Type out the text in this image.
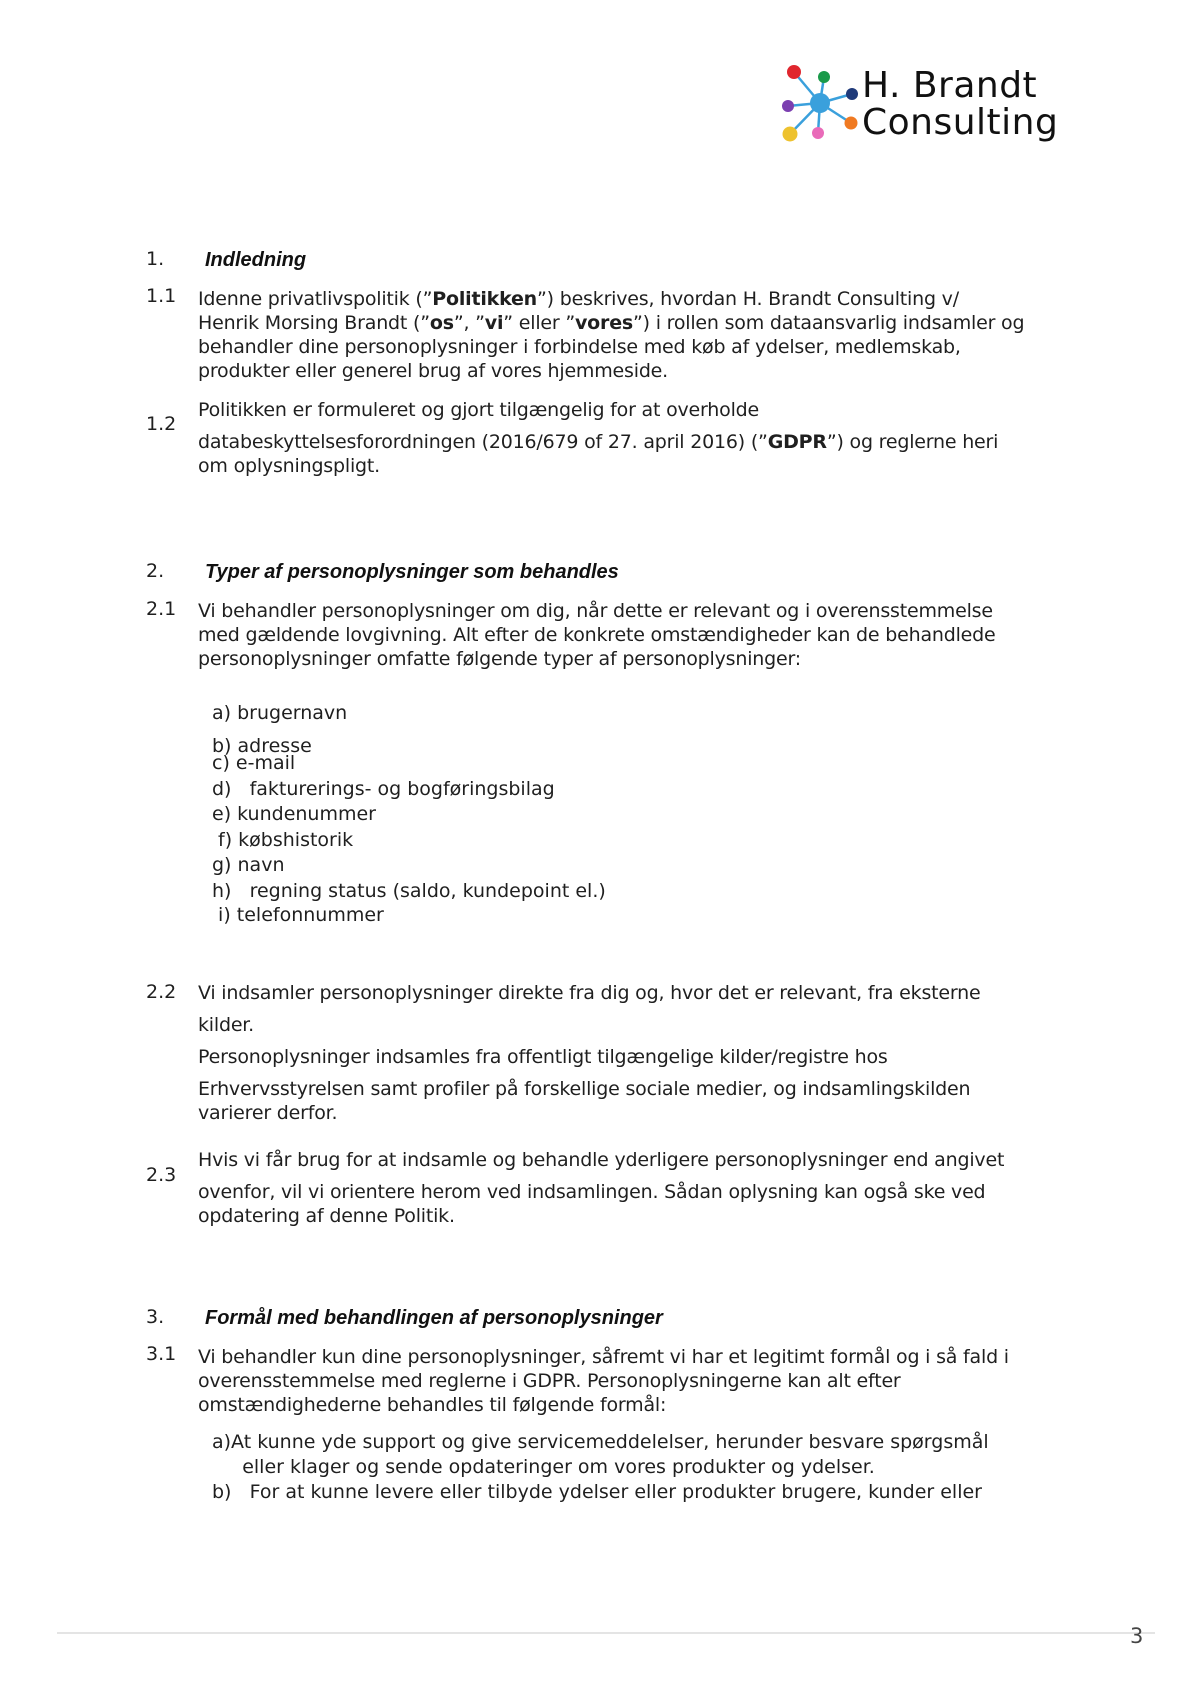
H. Brandt
Consulting
1. Indledning
1.1 Idenne privatlivspolitik (”Politikken”) beskrives, hvordan H. Brandt Consulting v/
Henrik Morsing Brandt (”os”, ”vi” eller ”vores”) i rollen som dataansvarlig indsamler og
behandler dine personoplysninger i forbindelse med køb af ydelser, medlemskab,
produkter eller generel brug af vores hjemmeside.
1.2
Politikken er formuleret og gjort tilgængelig for at overholde
databeskyttelsesforordningen (2016/679 of 27. april 2016) (”GDPR”) og reglerne heri
om oplysningspligt.
2. Typer af personoplysninger som behandles
2.1 Vi behandler personoplysninger om dig, når dette er relevant og i overensstemmelse
med gældende lovgivning. Alt efter de konkrete omstændigheder kan de behandlede
personoplysninger omfatte følgende typer af personoplysninger:
a) brugernavn
b) adresse
c) e-mail
d)   fakturerings- og bogføringsbilag
e) kundenummer
f) købshistorik
g) navn
h)   regning status (saldo, kundepoint el.)
i) telefonnummer
2.2 Vi indsamler personoplysninger direkte fra dig og, hvor det er relevant, fra eksterne
kilder.
Personoplysninger indsamles fra offentligt tilgængelige kilder/registre hos
Erhvervsstyrelsen samt profiler på forskellige sociale medier, og indsamlingskilden
varierer derfor.
2.3
Hvis vi får brug for at indsamle og behandle yderligere personoplysninger end angivet
ovenfor, vil vi orientere herom ved indsamlingen. Sådan oplysning kan også ske ved
opdatering af denne Politik.
3. Formål med behandlingen af personoplysninger
3.1 Vi behandler kun dine personoplysninger, såfremt vi har et legitimt formål og i så fald i
overensstemmelse med reglerne i GDPR. Personoplysningerne kan alt efter
omstændighederne behandles til følgende formål:
a)At kunne yde support og give servicemeddelelser, herunder besvare spørgsmål
eller klager og sende opdateringer om vores produkter og ydelser.
b)   For at kunne levere eller tilbyde ydelser eller produkter brugere, kunder eller
3
